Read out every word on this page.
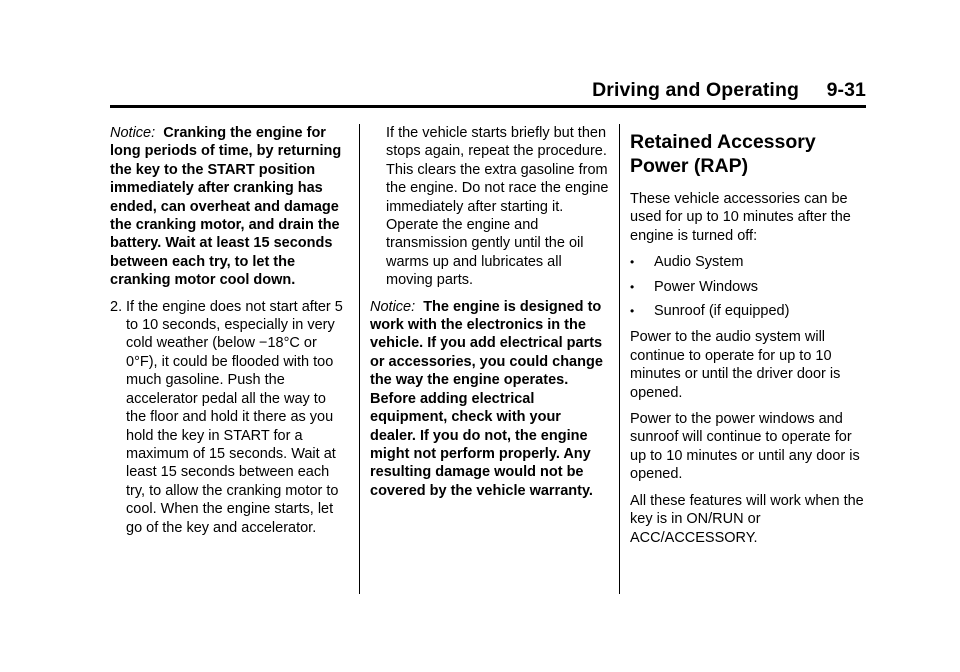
Driving and Operating 9-31

Notice: Cranking the engine for long periods of time, by returning the key to the START position immediately after cranking has ended, can overheat and damage the cranking motor, and drain the battery. Wait at least 15 seconds between each try, to let the cranking motor cool down.

2. If the engine does not start after 5 to 10 seconds, especially in very cold weather (below −18°C or 0°F), it could be flooded with too much gasoline. Push the accelerator pedal all the way to the floor and hold it there as you hold the key in START for a maximum of 15 seconds. Wait at least 15 seconds between each try, to allow the cranking motor to cool. When the engine starts, let go of the key and accelerator.

If the vehicle starts briefly but then stops again, repeat the procedure. This clears the extra gasoline from the engine. Do not race the engine immediately after starting it. Operate the engine and transmission gently until the oil warms up and lubricates all moving parts.

Notice: The engine is designed to work with the electronics in the vehicle. If you add electrical parts or accessories, you could change the way the engine operates. Before adding electrical equipment, check with your dealer. If you do not, the engine might not perform properly. Any resulting damage would not be covered by the vehicle warranty.

Retained Accessory Power (RAP)

These vehicle accessories can be used for up to 10 minutes after the engine is turned off:

•	Audio System
•	Power Windows
•	Sunroof (if equipped)

Power to the audio system will continue to operate for up to 10 minutes or until the driver door is opened.

Power to the power windows and sunroof will continue to operate for up to 10 minutes or until any door is opened.

All these features will work when the key is in ON/RUN or ACC/ACCESSORY.
